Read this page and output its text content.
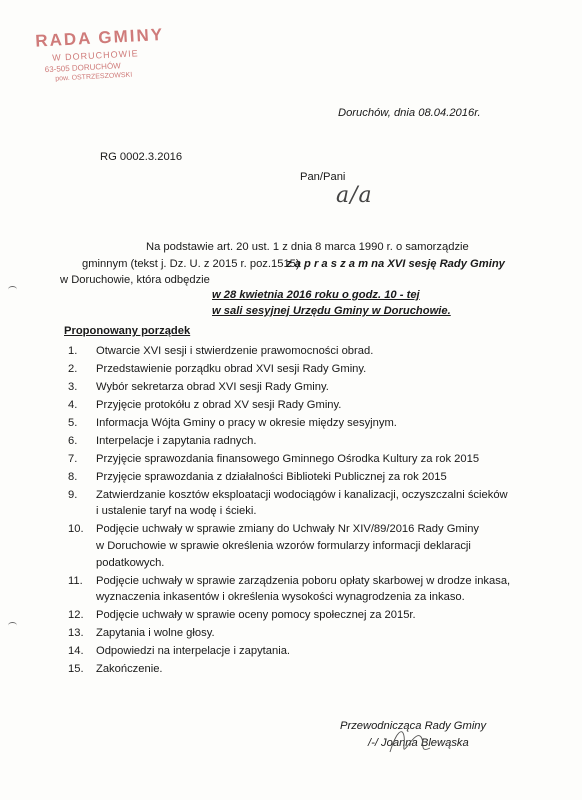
RADA GMINY
W DORUCHOWIE
63-505 DORUCHÓW
pow. OSTRZESZOWSKI
Doruchów, dnia 08.04.2016r.
RG 0002.3.2016
Pan/Pani
a/a
Na podstawie art. 20 ust. 1 z dnia 8 marca 1990 r. o samorządzie
gminnym (tekst j. Dz. U. z 2015 r. poz.1515)
z a p r a s z a m na XVI sesję Rady Gminy
w Doruchowie, która odbędzie
w 28 kwietnia 2016 roku o godz. 10 - tej
w sali sesyjnej Urzędu Gminy w Doruchowie.
Proponowany porządek
1. Otwarcie XVI sesji i stwierdzenie prawomocności obrad.
2. Przedstawienie porządku obrad XVI sesji Rady Gminy.
3. Wybór sekretarza obrad XVI sesji Rady Gminy.
4. Przyjęcie protokółu z obrad XV sesji Rady Gminy.
5. Informacja Wójta Gminy o pracy w okresie między sesyjnym.
6. Interpelacje i zapytania radnych.
7. Przyjęcie sprawozdania finansowego Gminnego Ośrodka Kultury za rok 2015
8. Przyjęcie sprawozdania z działalności Biblioteki Publicznej za rok 2015
9. Zatwierdzanie kosztów eksploatacji wodociągów i kanalizacji, oczyszczalni ścieków
i ustalenie taryf na wodę i ścieki.
10. Podjęcie uchwały w sprawie zmiany do Uchwały Nr XIV/89/2016 Rady Gminy
w Doruchowie w sprawie określenia wzorów formularzy informacji deklaracji
podatkowych.
11. Podjęcie uchwały w sprawie zarządzenia poboru opłaty skarbowej w drodze inkasa,
wyznaczenia inkasentów i określenia wysokości wynagrodzenia za inkaso.
12. Podjęcie uchwały w sprawie oceny pomocy społecznej za 2015r.
13. Zapytania i wolne głosy.
14. Odpowiedzi na interpelacje i zapytania.
15. Zakończenie.
Przewodnicząca Rady Gminy
/-/ Joanna Blewąska
